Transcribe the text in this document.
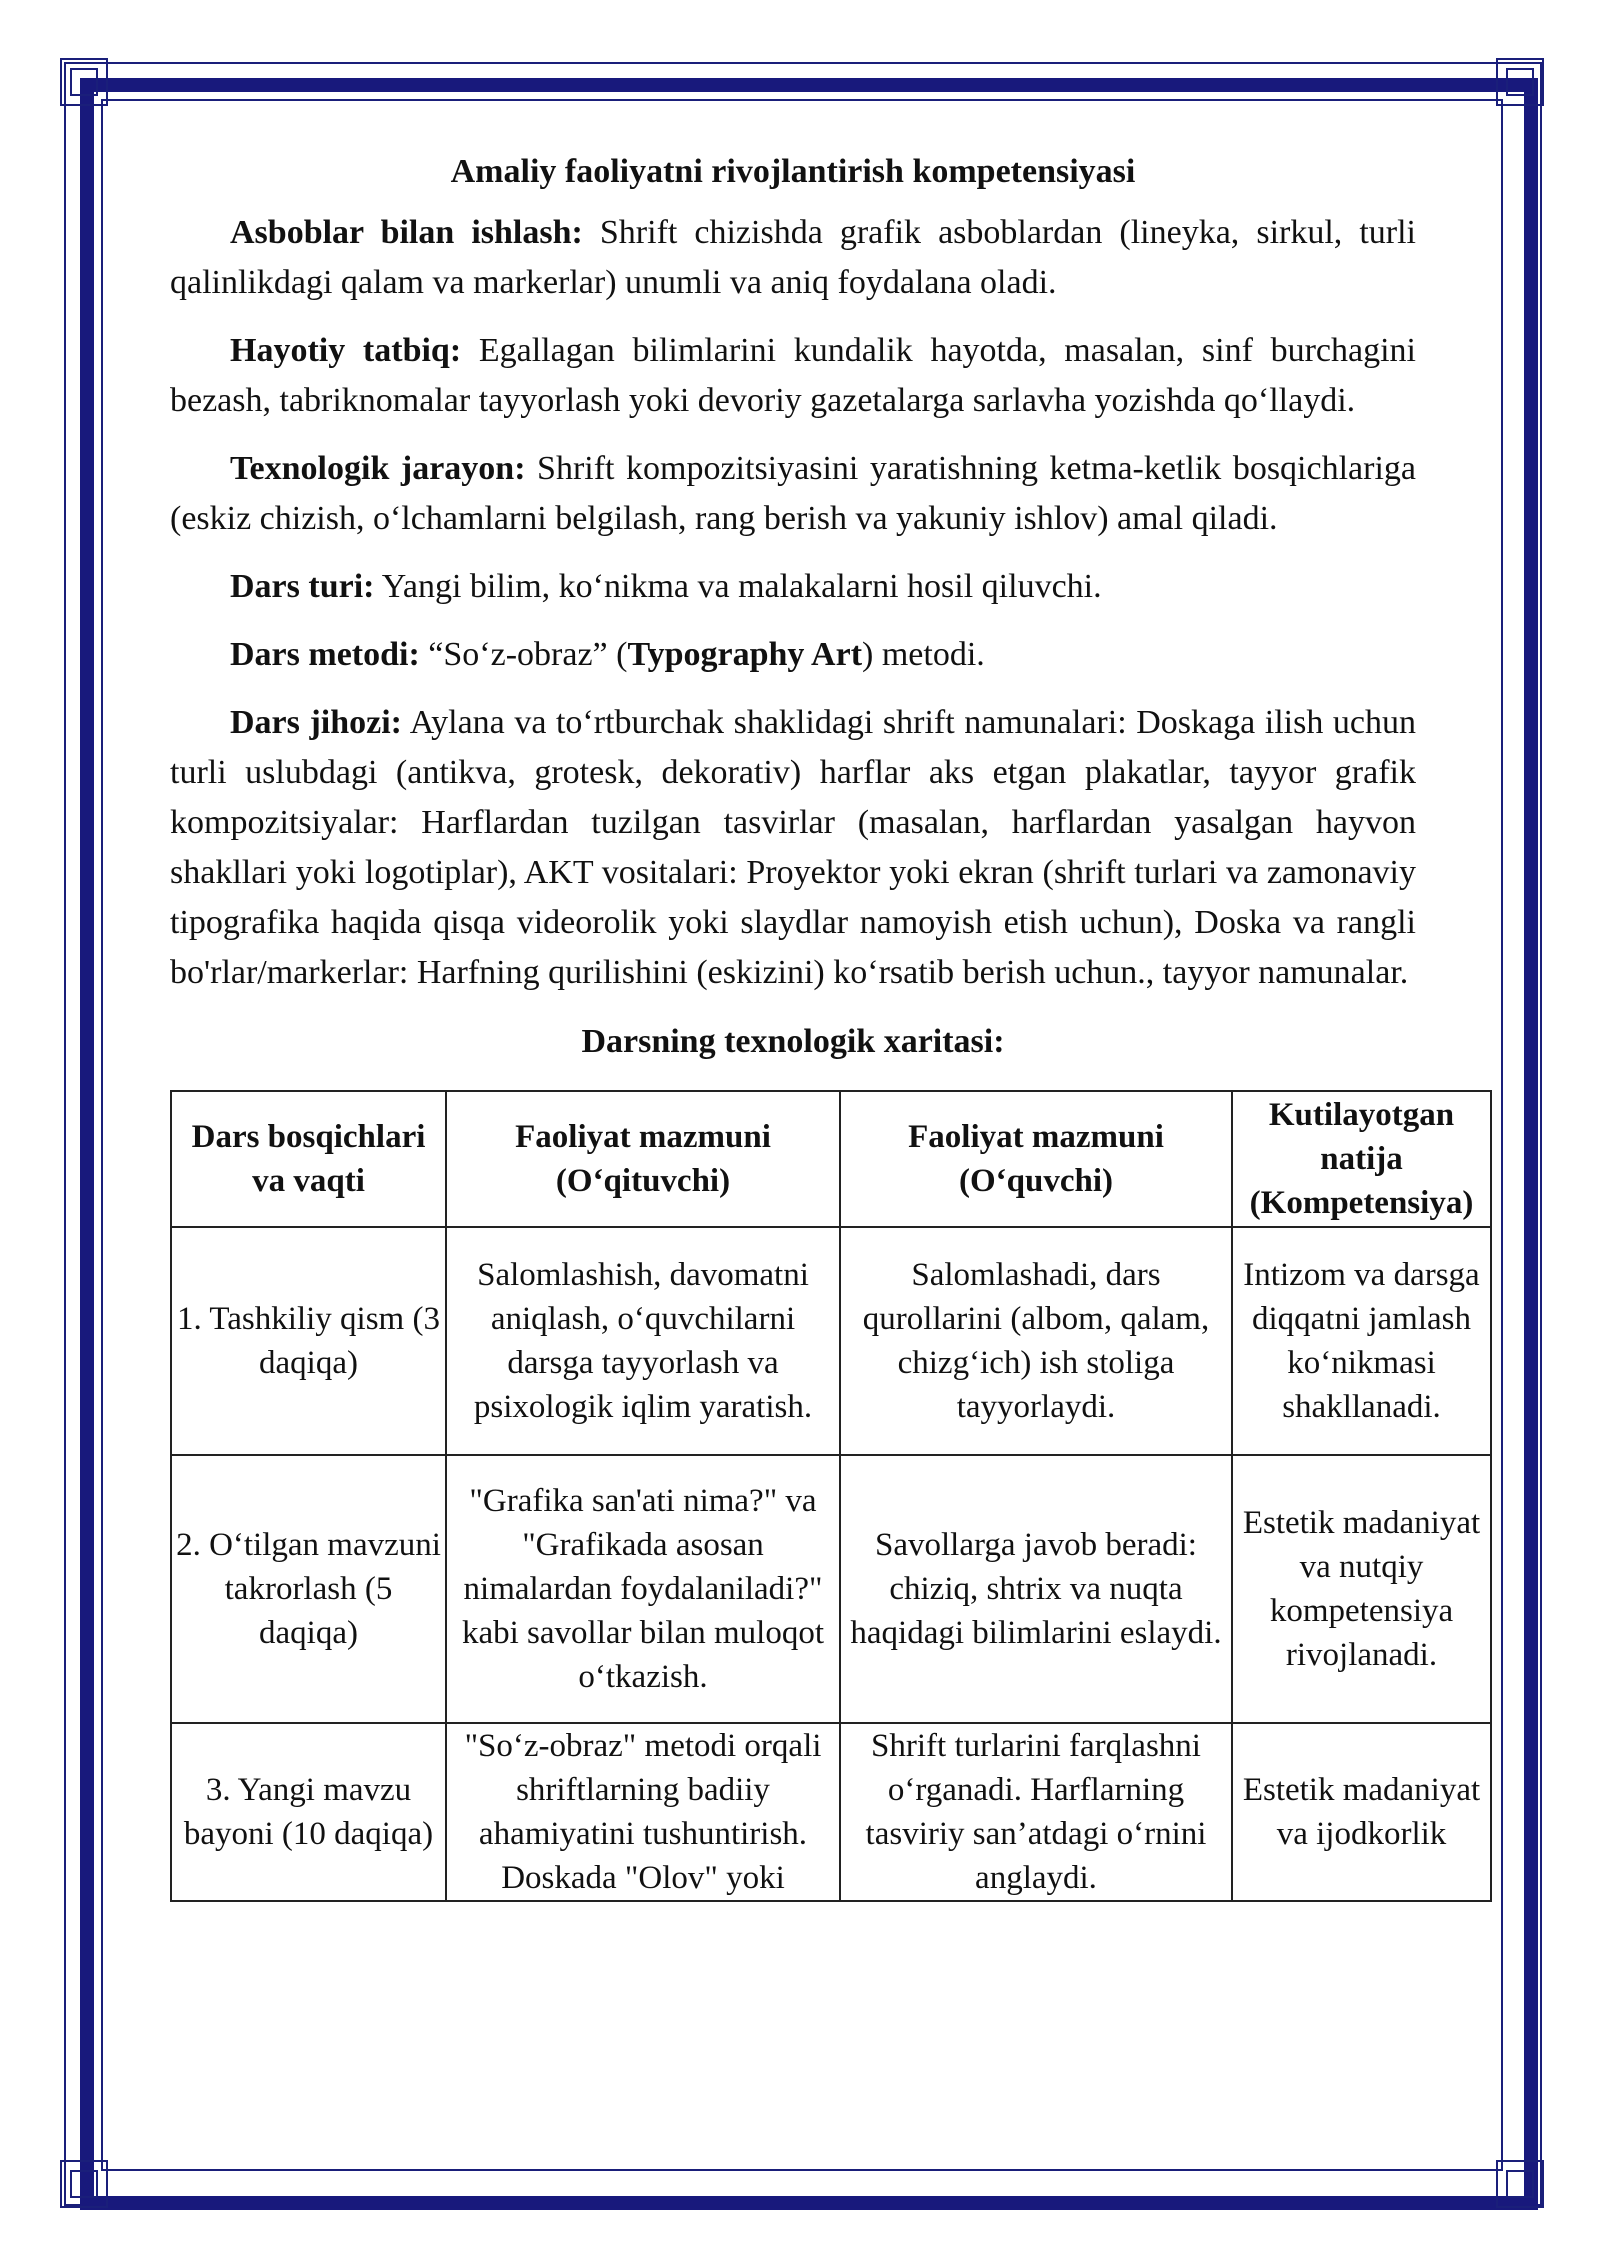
Amaliy faoliyatni rivojlantirish kompetensiyasi

Asboblar bilan ishlash: Shrift chizishda grafik asboblardan (lineyka, sirkul, turli qalinlikdagi qalam va markerlar) unumli va aniq foydalana oladi.

Hayotiy tatbiq: Egallagan bilimlarini kundalik hayotda, masalan, sinf burchagini bezash, tabriknomalar tayyorlash yoki devoriy gazetalarga sarlavha yozishda qo‘llaydi.

Texnologik jarayon: Shrift kompozitsiyasini yaratishning ketma-ketlik bosqichlariga (eskiz chizish, o‘lchamlarni belgilash, rang berish va yakuniy ishlov) amal qiladi.

Dars turi: Yangi bilim, ko‘nikma va malakalarni hosil qiluvchi.

Dars metodi: “So‘z-obraz” (Typography Art) metodi.

Dars jihozi: Aylana va to‘rtburchak shaklidagi shrift namunalari: Doskaga ilish uchun turli uslubdagi (antikva, grotesk, dekorativ) harflar aks etgan plakatlar, tayyor grafik kompozitsiyalar: Harflardan tuzilgan tasvirlar (masalan, harflardan yasalgan hayvon shakllari yoki logotiplar), AKT vositalari: Proyektor yoki ekran (shrift turlari va zamonaviy tipografika haqida qisqa videorolik yoki slaydlar namoyish etish uchun), Doska va rangli bo'rlar/markerlar: Harfning qurilishini (eskizini) ko‘rsatib berish uchun., tayyor namunalar.

Darsning texnologik xaritasi:
Dars bosqichlari va vaqti	Faoliyat mazmuni (O‘qituvchi)	Faoliyat mazmuni (O‘quvchi)	Kutilayotgan natija (Kompetensiya)
1. Tashkiliy qism (3 daqiqa)	Salomlashish, davomatni aniqlash, o‘quvchilarni darsga tayyorlash va psixologik iqlim yaratish.	Salomlashadi, dars qurollarini (albom, qalam, chizg‘ich) ish stoliga tayyorlaydi.	Intizom va darsga diqqatni jamlash ko‘nikmasi shakllanadi.
2. O‘tilgan mavzuni takrorlash (5 daqiqa)	"Grafika san'ati nima?" va "Grafikada asosan nimalardan foydalaniladi?" kabi savollar bilan muloqot o‘tkazish.	Savollarga javob beradi: chiziq, shtrix va nuqta haqidagi bilimlarini eslaydi.	Estetik madaniyat va nutqiy kompetensiya rivojlanadi.
3. Yangi mavzu bayoni (10 daqiqa)	"So‘z-obraz" metodi orqali shriftlarning badiiy ahamiyatini tushuntirish. Doskada "Olov" yoki	Shrift turlarini farqlashni o‘rganadi. Harflarning tasviriy san’atdagi o‘rnini anglaydi.	Estetik madaniyat va ijodkorlik
